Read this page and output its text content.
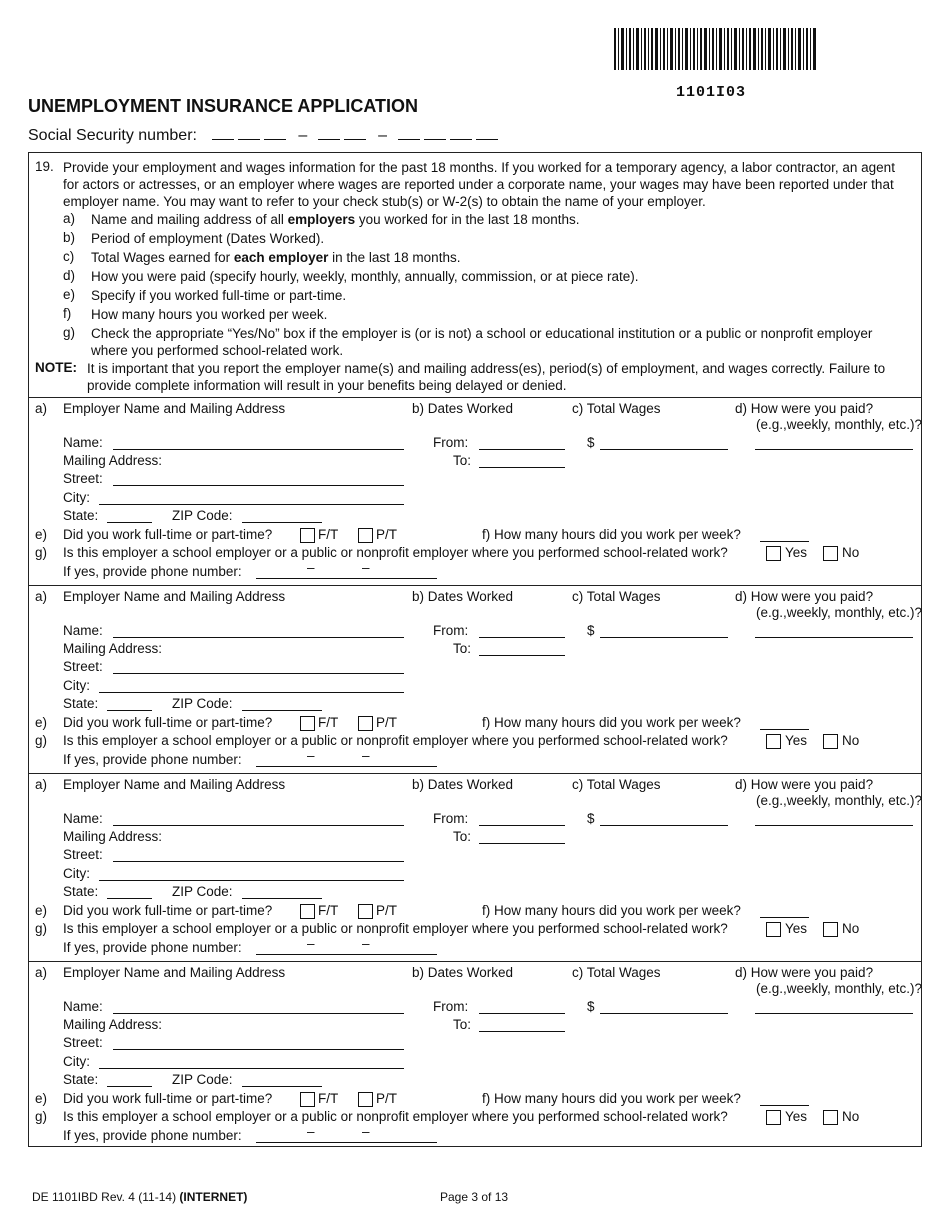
1101I03
UNEMPLOYMENT INSURANCE APPLICATION
Social Security number:	–	–
19. Provide your employment and wages information for the past 18 months. If you worked for a temporary agency, a labor contractor, an agent for actors or actresses, or an employer where wages are reported under a corporate name, your wages may have been reported under that employer name. You may want to refer to your check stub(s) or W-2(s) to obtain the name of your employer.
a) Name and mailing address of all employers you worked for in the last 18 months.
b) Period of employment (Dates Worked).
c) Total Wages earned for each employer in the last 18 months.
d) How you were paid (specify hourly, weekly, monthly, annually, commission, or at piece rate).
e) Specify if you worked full-time or part-time.
f) How many hours you worked per week.
g) Check the appropriate “Yes/No” box if the employer is (or is not) a school or educational institution or a public or nonprofit employer where you performed school-related work.
NOTE: It is important that you report the employer name(s) and mailing address(es), period(s) of employment, and wages correctly. Failure to provide complete information will result in your benefits being delayed or denied.
a) Employer Name and Mailing Address	b) Dates Worked	c) Total Wages	d) How were you paid?
(e.g.,weekly, monthly, etc.)?
Name:	From:	$
Mailing Address:	To:
Street:
City:
State:	ZIP Code:
e) Did you work full-time or part-time?	F/T	P/T	f) How many hours did you work per week?
g) Is this employer a school employer or a public or nonprofit employer where you performed school-related work?	Yes	No
If yes, provide phone number:	–	–
a) Employer Name and Mailing Address	b) Dates Worked	c) Total Wages	d) How were you paid?
(e.g.,weekly, monthly, etc.)?
Name:	From:	$
Mailing Address:	To:
Street:
City:
State:	ZIP Code:
e) Did you work full-time or part-time?	F/T	P/T	f) How many hours did you work per week?
g) Is this employer a school employer or a public or nonprofit employer where you performed school-related work?	Yes	No
If yes, provide phone number:	–	–
a) Employer Name and Mailing Address	b) Dates Worked	c) Total Wages	d) How were you paid?
(e.g.,weekly, monthly, etc.)?
Name:	From:	$
Mailing Address:	To:
Street:
City:
State:	ZIP Code:
e) Did you work full-time or part-time?	F/T	P/T	f) How many hours did you work per week?
g) Is this employer a school employer or a public or nonprofit employer where you performed school-related work?	Yes	No
If yes, provide phone number:	–	–
a) Employer Name and Mailing Address	b) Dates Worked	c) Total Wages	d) How were you paid?
(e.g.,weekly, monthly, etc.)?
Name:	From:	$
Mailing Address:	To:
Street:
City:
State:	ZIP Code:
e) Did you work full-time or part-time?	F/T	P/T	f) How many hours did you work per week?
g) Is this employer a school employer or a public or nonprofit employer where you performed school-related work?	Yes	No
If yes, provide phone number:	–	–
DE 1101IBD Rev. 4 (11-14) (INTERNET)	Page 3 of 13
